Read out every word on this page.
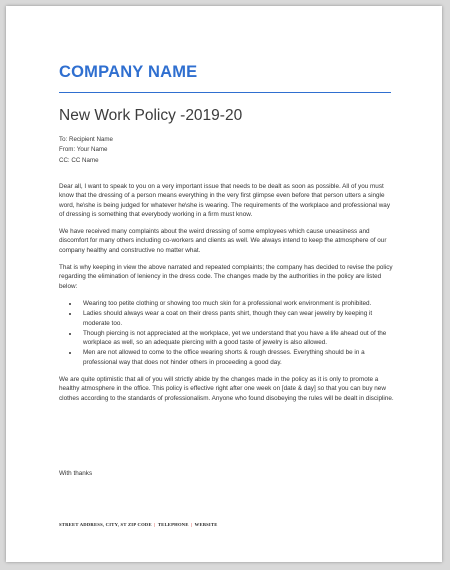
COMPANY NAME
New Work Policy -2019-20
To: Recipient Name
From: Your Name
CC: CC Name

Dear all, I want to speak to you on a very important issue that needs to be dealt as soon as possible. All of you must know that the dressing of a person means everything in the very first glimpse even before that person utters a single word, he\she is being judged for whatever he\she is wearing. The requirements of the workplace and professional way of dressing is something that everybody working in a firm must know.

We have received many complaints about the weird dressing of some employees which cause uneasiness and discomfort for many others including co-workers and clients as well. We always intend to keep the atmosphere of our company healthy and constructive no matter what.

That is why keeping in view the above narrated and repeated complaints; the company has decided to revise the policy regarding the elimination of leniency in the dress code. The changes made by the authorities in the policy are listed below:

• Wearing too petite clothing or showing too much skin for a professional work environment is prohibited.
• Ladies should always wear a coat on their dress pants shirt, though they can wear jewelry by keeping it moderate too.
• Though piercing is not appreciated at the workplace, yet we understand that you have a life ahead out of the workplace as well, so an adequate piercing with a good taste of jewelry is also allowed.
• Men are not allowed to come to the office wearing shorts & rough dresses. Everything should be in a professional way that does not hinder others in proceeding a good day.

We are quite optimistic that all of you will strictly abide by the changes made in the policy as it is only to promote a healthy atmosphere in the office. This policy is effective right after one week on [date & day] so that you can buy new clothes according to the standards of professionalism. Anyone who found disobeying the rules will be dealt in discipline.

With thanks
STREET ADDRESS, CITY, ST ZIP CODE | TELEPHONE | WEBSITE
